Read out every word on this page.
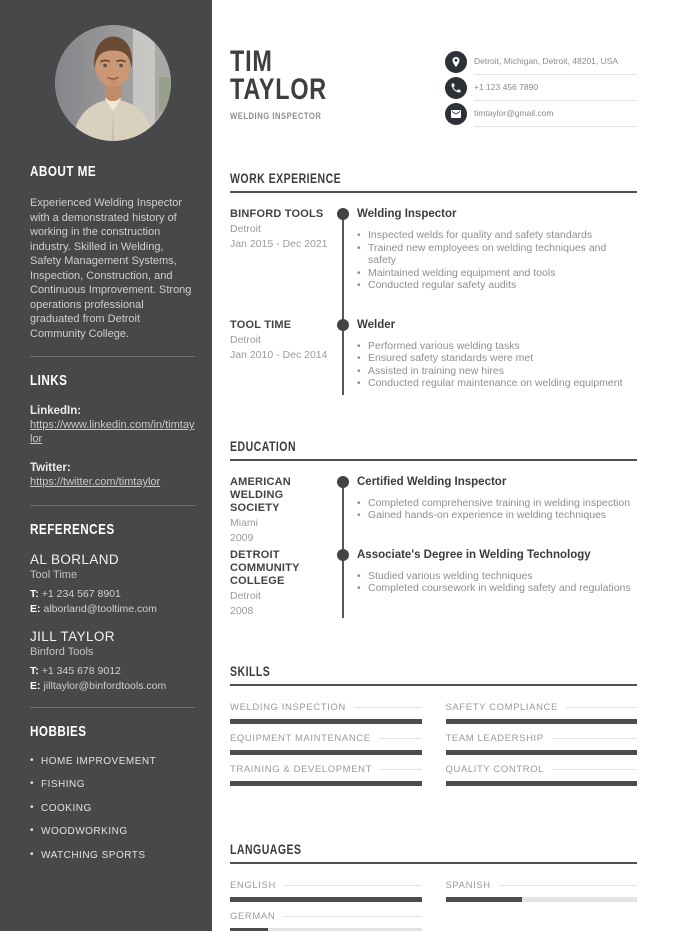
ABOUT ME

Experienced Welding Inspector with a demonstrated history of working in the construction industry. Skilled in Welding, Safety Management Systems, Inspection, Construction, and Continuous Improvement. Strong operations professional graduated from Detroit Community College.

LINKS
LinkedIn:
https://www.linkedin.com/in/timtaylor
Twitter:
https://twitter.com/timtaylor
REFERENCES
AL BORLAND
Tool Time
T: +1 234 567 8901
E: alborland@tooltime.com
JILL TAYLOR
Binford Tools
T: +1 345 678 9012
E: jilltaylor@binfordtools.com
HOBBIES
• HOME IMPROVEMENT
• FISHING
• COOKING
• WOODWORKING
• WATCHING SPORTS
TIM
TAYLOR
WELDING INSPECTOR
Detroit, Michigan, Detroit, 48201, USA
+1 123 456 7890
timtaylor@gmail.com
WORK EXPERIENCE
BINFORD TOOLS
Detroit
Jan 2015 - Dec 2021
Welding Inspector
• Inspected welds for quality and safety standards
• Trained new employees on welding techniques and safety
• Maintained welding equipment and tools
• Conducted regular safety audits
TOOL TIME
Detroit
Jan 2010 - Dec 2014
Welder
• Performed various welding tasks
• Ensured safety standards were met
• Assisted in training new hires
• Conducted regular maintenance on welding equipment
EDUCATION
AMERICAN WELDING SOCIETY
Miami
2009
Certified Welding Inspector
• Completed comprehensive training in welding inspection
• Gained hands-on experience in welding techniques
DETROIT COMMUNITY COLLEGE
Detroit
2008
Associate's Degree in Welding Technology
• Studied various welding techniques
• Completed coursework in welding safety and regulations
SKILLS
WELDING INSPECTION	SAFETY COMPLIANCE
EQUIPMENT MAINTENANCE	TEAM LEADERSHIP
TRAINING & DEVELOPMENT	QUALITY CONTROL
LANGUAGES
ENGLISH	SPANISH
GERMAN
